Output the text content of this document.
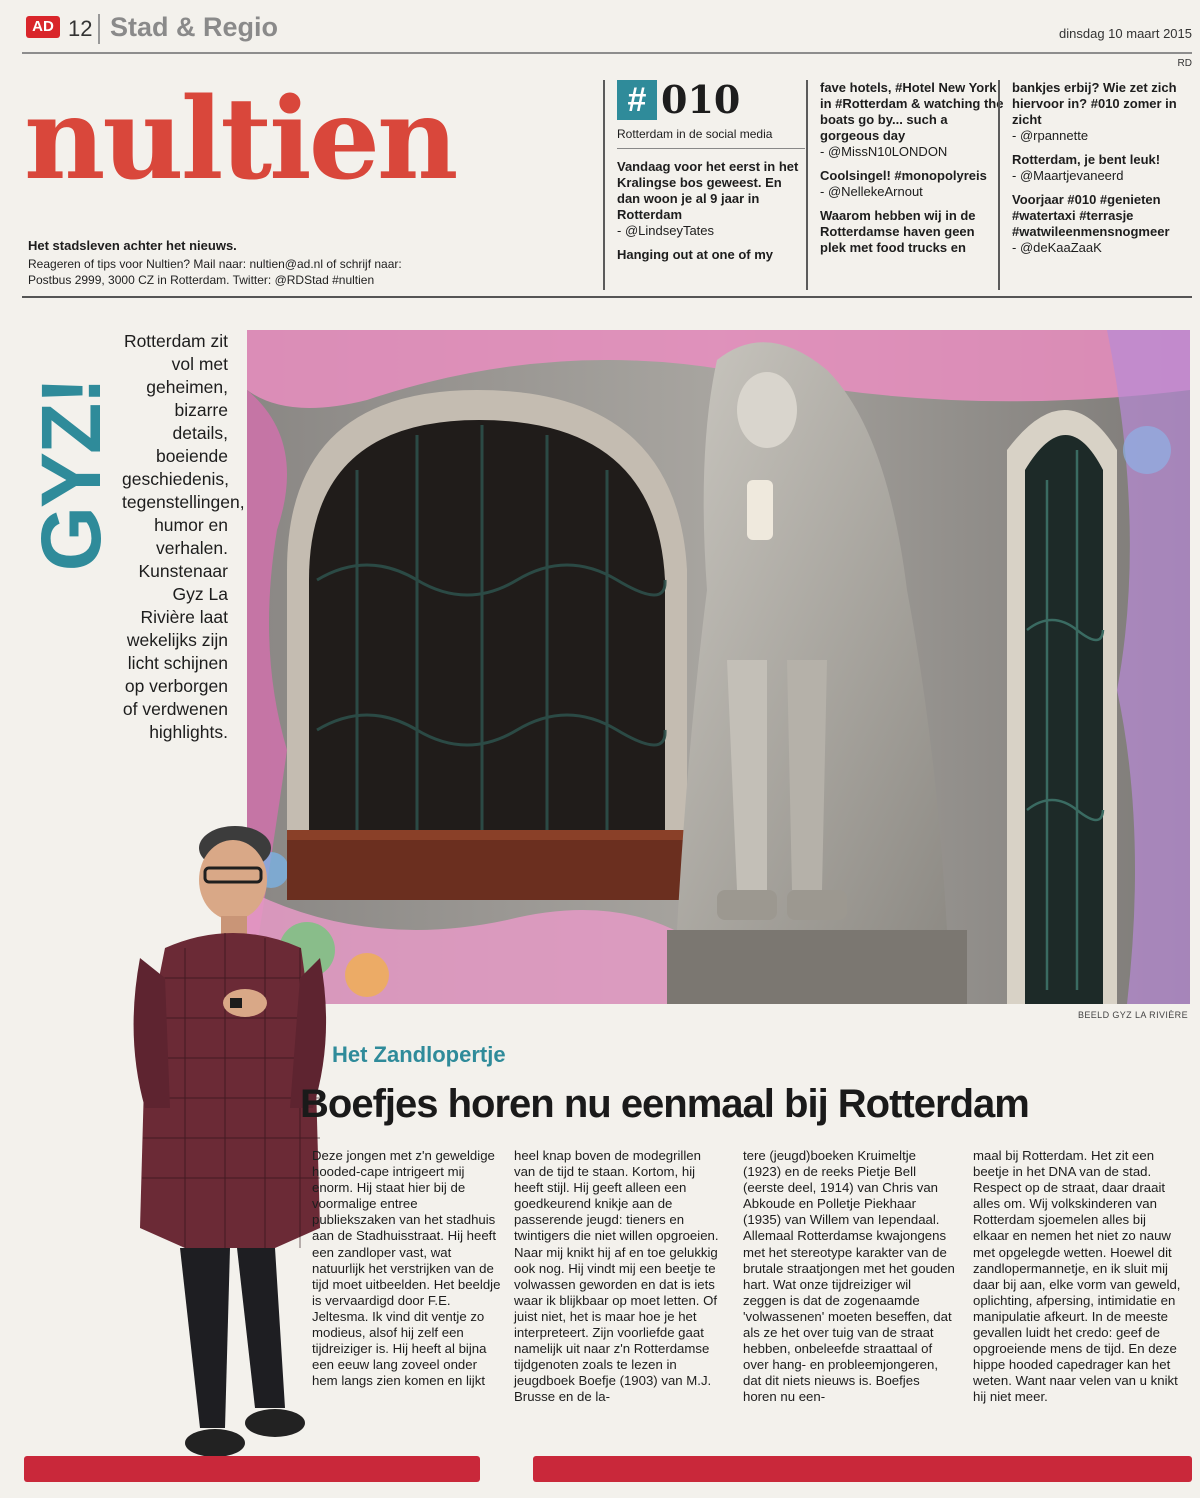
AD 12 Stad & Regio	dinsdag 10 maart 2015
RD
nultien
Het stadsleven achter het nieuws.
Reageren of tips voor Nultien? Mail naar: nultien@ad.nl of schrijf naar: Postbus 2999, 3000 CZ in Rotterdam. Twitter: @RDStad #nultien
# 010
Rotterdam in de social media
Vandaag voor het eerst in het Kralingse bos geweest. En dan woon je al 9 jaar in Rotterdam
- @LindseyTates
Hanging out at one of my
fave hotels, #Hotel New York in #Rotterdam & watching the boats go by... such a gorgeous day
- @MissN10LONDON
Coolsingel! #monopolyreis
- @NellekeArnout
Waarom hebben wij in de Rotterdamse haven geen plek met food trucks en
bankjes erbij? Wie zet zich hiervoor in? #010 zomer in zicht
- @rpannette
Rotterdam, je bent leuk!
- @Maartjevaneerd
Voorjaar #010 #genieten #watertaxi #terrasje #watwileenmensnogmeer
- @deKaaZaaK
GYZ!
Rotterdam zit vol met geheimen, bizarre details, boeiende geschiedenis, tegenstellingen, humor en verhalen. Kunstenaar Gyz La Rivière laat wekelijks zijn licht schijnen op verborgen of verdwenen highlights.
BEELD GYZ LA RIVIÈRE
Het Zandlopertje
Boefjes horen nu eenmaal bij Rotterdam
Deze jongen met z'n geweldige hooded-cape intrigeert mij enorm. Hij staat hier bij de voormalige entree publiekszaken van het stadhuis aan de Stadhuisstraat. Hij heeft een zandloper vast, wat natuurlijk het verstrijken van de tijd moet uitbeelden. Het beeldje is vervaardigd door F.E. Jeltesma. Ik vind dit ventje zo modieus, alsof hij zelf een tijdreiziger is. Hij heeft al bijna een eeuw lang zoveel onder hem langs zien komen en lijkt
heel knap boven de modegrillen van de tijd te staan. Kortom, hij heeft stijl. Hij geeft alleen een goedkeurend knikje aan de passerende jeugd: tieners en twintigers die niet willen opgroeien. Naar mij knikt hij af en toe gelukkig ook nog. Hij vindt mij een beetje te volwassen geworden en dat is iets waar ik blijkbaar op moet letten. Of juist niet, het is maar hoe je het interpreteert. Zijn voorliefde gaat namelijk uit naar z'n Rotterdamse tijdgenoten zoals te lezen in jeugdboek Boefje (1903) van M.J. Brusse en de la-
tere (jeugd)boeken Kruimeltje (1923) en de reeks Pietje Bell (eerste deel, 1914) van Chris van Abkoude en Polletje Piekhaar (1935) van Willem van Iependaal. Allemaal Rotterdamse kwajongens met het stereotype karakter van de brutale straatjongen met het gouden hart. Wat onze tijdreiziger wil zeggen is dat de zogenaamde 'volwassenen' moeten beseffen, dat als ze het over tuig van de straat hebben, onbeleefde straattaal of over hang- en probleemjongeren, dat dit niets nieuws is. Boefjes horen nu een-
maal bij Rotterdam. Het zit een beetje in het DNA van de stad. Respect op de straat, daar draait alles om. Wij volkskinderen van Rotterdam sjoemelen alles bij elkaar en nemen het niet zo nauw met opgelegde wetten. Hoewel dit zandlopermannetje, en ik sluit mij daar bij aan, elke vorm van geweld, oplichting, afpersing, intimidatie en manipulatie afkeurt. In de meeste gevallen luidt het credo: geef de opgroeiende mens de tijd. En deze hippe hooded capedrager kan het weten. Want naar velen van u knikt hij niet meer.
